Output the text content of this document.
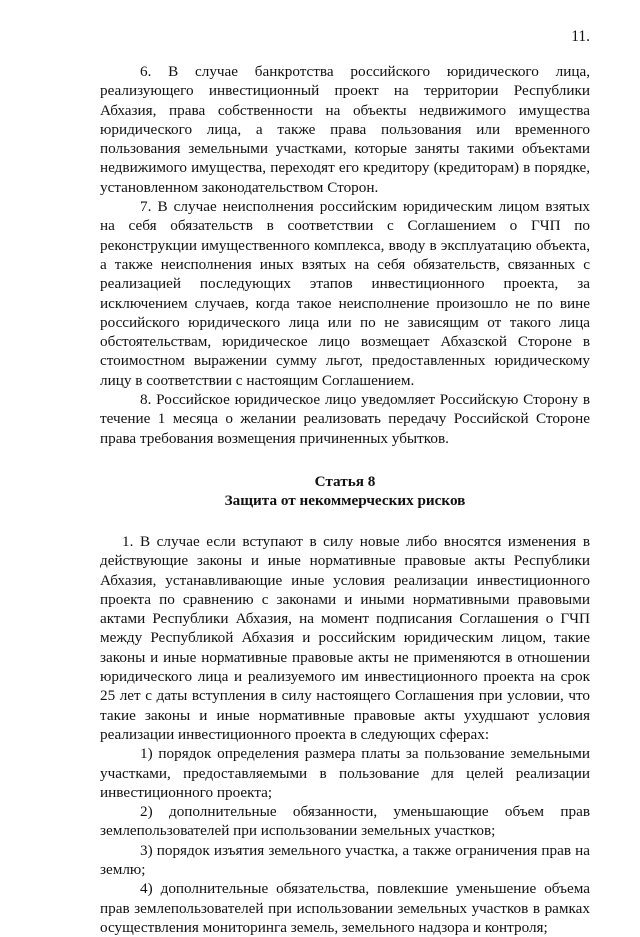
11.

6. В случае банкротства российского юридического лица, реализующего инвестиционный проект на территории Республики Абхазия, права собственности на объекты недвижимого имущества юридического лица, а также права пользования или временного пользования земельными участками, которые заняты такими объектами недвижимого имущества, переходят его кредитору (кредиторам) в порядке, установленном законодательством Сторон.

7. В случае неисполнения российским юридическим лицом взятых на себя обязательств в соответствии с Соглашением о ГЧП по реконструкции имущественного комплекса, вводу в эксплуатацию объекта, а также неисполнения иных взятых на себя обязательств, связанных с реализацией последующих этапов инвестиционного проекта, за исключением случаев, когда такое неисполнение произошло не по вине российского юридического лица или по не зависящим от такого лица обстоятельствам, юридическое лицо возмещает Абхазской Стороне в стоимостном выражении сумму льгот, предоставленных юридическому лицу в соответствии с настоящим Соглашением.

8. Российское юридическое лицо уведомляет Российскую Сторону в течение 1 месяца о желании реализовать передачу Российской Стороне права требования возмещения причиненных убытков.

Статья 8

Защита от некоммерческих рисков

1. В случае если вступают в силу новые либо вносятся изменения в действующие законы и иные нормативные правовые акты Республики Абхазия, устанавливающие иные условия реализации инвестиционного проекта по сравнению с законами и иными нормативными правовыми актами Республики Абхазия, на момент подписания Соглашения о ГЧП между Республикой Абхазия и российским юридическим лицом, такие законы и иные нормативные правовые акты не применяются в отношении юридического лица и реализуемого им инвестиционного проекта на срок 25 лет с даты вступления в силу настоящего Соглашения при условии, что такие законы и иные нормативные правовые акты ухудшают условия реализации инвестиционного проекта в следующих сферах:

1) порядок определения размера платы за пользование земельными участками, предоставляемыми в пользование для целей реализации инвестиционного проекта;

2) дополнительные обязанности, уменьшающие объем прав землепользователей при использовании земельных участков;

3) порядок изъятия земельного участка, а также ограничения прав на землю;

4) дополнительные обязательства, повлекшие уменьшение объема прав землепользователей при использовании земельных участков в рамках осуществления мониторинга земель, земельного надзора и контроля;
